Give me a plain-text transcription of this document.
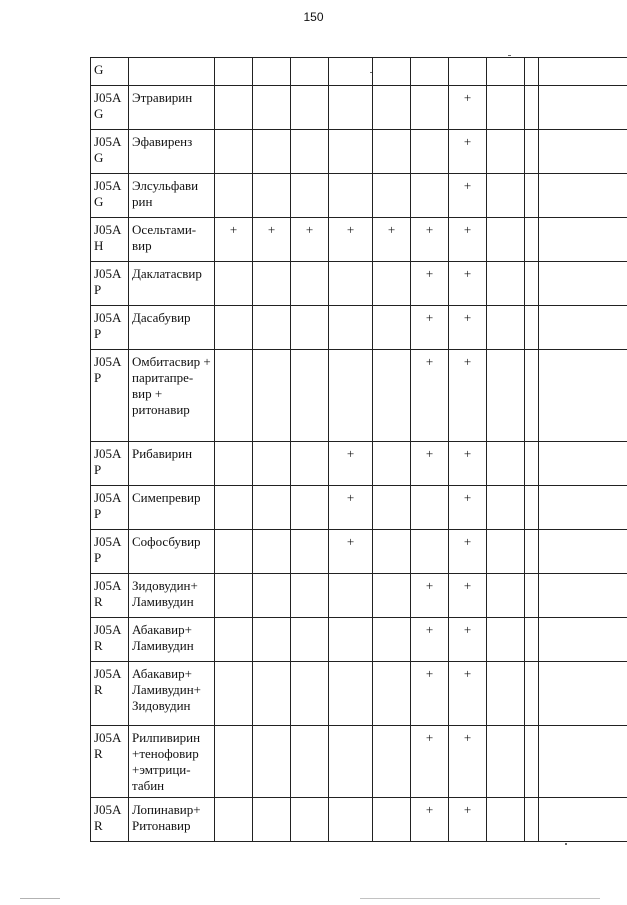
150
G											
J05A G	Этравирин							+			
J05A G	Эфавиренз							+			
J05A G	Элсульфави рин							+			
J05A H	Осельтами-вир	+	+	+	+	+	+	+			
J05A P	Даклатасвир						+	+			
J05A P	Дасабувир						+	+			
J05A P	Омбитасвир + паритапре-вир + ритонавир						+	+			
J05A P	Рибавирин				+		+	+			
J05A P	Симепревир				+			+			
J05A P	Софосбувир				+			+			
J05A R	Зидовудин+ Ламивудин						+	+			
J05A R	Абакавир+ Ламивудин						+	+			
J05A R	Абакавир+ Ламивудин+ Зидовудин						+	+			
J05A R	Рилпивирин +тенофовир +эмтрици-табин						+	+			
J05A R	Лопинавир+ Ритонавир						+	+			
